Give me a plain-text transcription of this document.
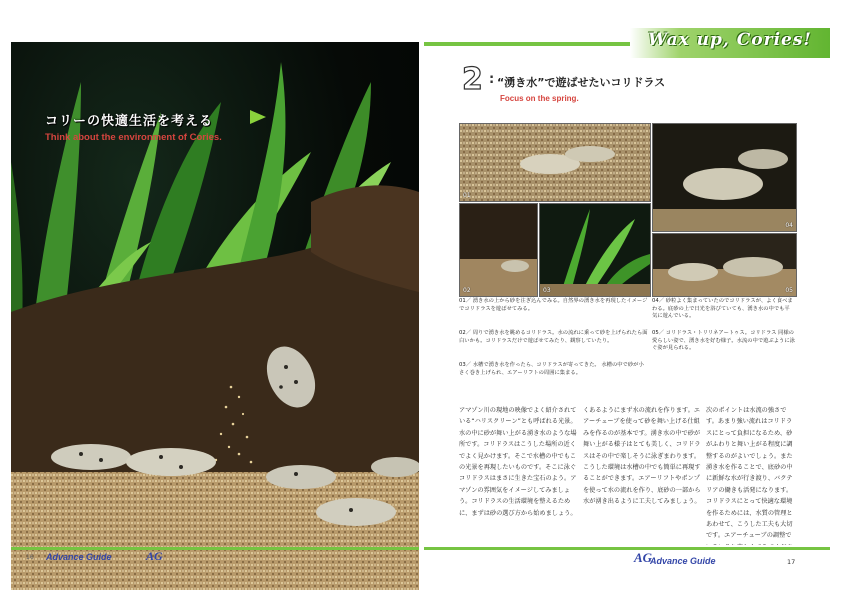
コリーの快適生活を考える
Think about the environment of Cories.
16 Advance Guide	AG
Wax up, Cories!
2 : “湧き水”で遊ばせたいコリドラス
Focus on the spring.
01
04
02	03	05
01／ 湧き水の上から砂を注ぎ込んでみる。自然界の湧き水を再現したイメージでコリドラスを遊ばせてみる。
02／ 周りで湧き水を眺めるコリドラス。水の流れに乗って砂を上げられたら面白いかも。コリドラスだけで遊ばせてみたり、観察していたり。
03／ 水槽で湧き水を作ったら、コリドラスが寄ってきた。 水槽の中で砂が小さく巻き上げられ、エアーリフトの周囲に集まる。
04／ 砂粒よく集まっていたのでコリドラスが、よく食べまわる。底砂の上で日光を浴びていても、湧き水の中でも平気に遊んでいる。
05／ コリドラス・トリリネアートゥス。コリドラス 同様の愛らしい姿で、湧き水を好む様子。水流の中で遊ぶように泳ぐ姿が見られる。
アマゾン川の現地の映像でよく紹介されている“ハリスクリーン”とも呼ばれる光景。水の中に砂が舞い上がる湧き水のような場所です。コリドラスはこうした場所の近くでよく見かけます。そこで水槽の中でもこの光景を再現したいものです。そこに泳ぐコリドラスはまさに生きた宝石のよう。アマゾンの雰囲気をイメージしてみましょう。コリドラスの生活環境を整えるために、まずは砂の選び方から始めましょう。
くあるようにまず水の流れを作ります。エアーチューブを使って砂を舞い上げる仕組みを作るのが基本です。湧き水の中で砂が舞い上がる様子はとても美しく、コリドラスはその中で楽しそうに泳ぎまわります。こうした環境は水槽の中でも簡単に再現することができます。エアーリフトやポンプを使って水の流れを作り、底砂の一部から水が湧き出るように工夫してみましょう。
次のポイントは水流の強さです。あまり強い流れはコリドラスにとって負担になるため、砂がふわりと舞い上がる程度に調整するのがよいでしょう。また湧き水を作ることで、底砂の中に新鮮な水が行き渡り、バクテリアの働きも活発になります。コリドラスにとって快適な環境を作るためには、水質の管理とあわせて、こうした工夫も大切です。エアーチューブの調整で
AG
Advance Guide	17
